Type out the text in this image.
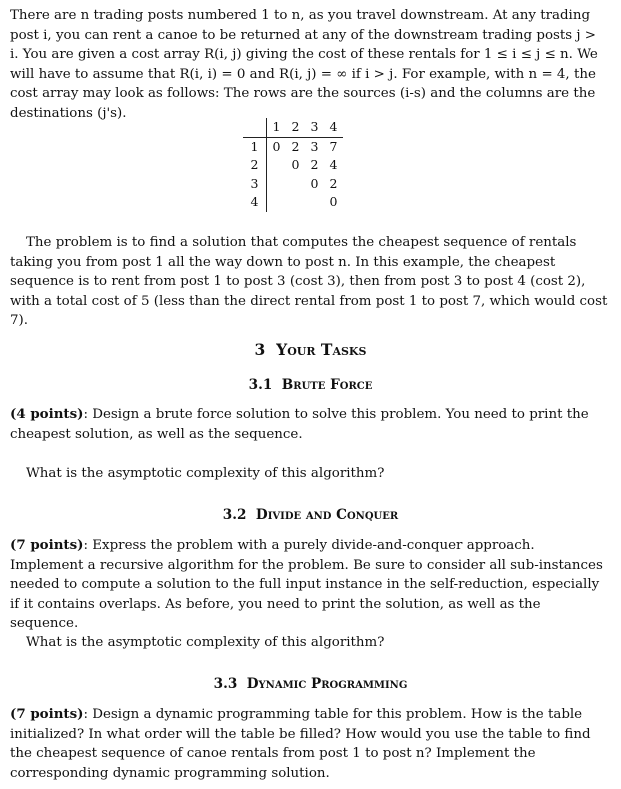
There are n trading posts numbered 1 to n, as you travel downstream. At any trading post i, you can rent a canoe to be returned at any of the downstream trading posts j > i. You are given a cost array R(i, j) giving the cost of these rentals for 1 ≤ i ≤ j ≤ n. We will have to assume that R(i, i) = 0 and R(i, j) = ∞ if i > j. For example, with n = 4, the cost array may look as follows: The rows are the sources (i-s) and the columns are the destinations (j's).

	1	2	3	4
1	0	2	3	7
2		0	2	4
3			0	2
4				0

The problem is to find a solution that computes the cheapest sequence of rentals taking you from post 1 all the way down to post n. In this example, the cheapest sequence is to rent from post 1 to post 3 (cost 3), then from post 3 to post 4 (cost 2), with a total cost of 5 (less than the direct rental from post 1 to post 7, which would cost 7).

3 Your Tasks
3.1 Brute Force

(4 points): Design a brute force solution to solve this problem. You need to print the cheapest solution, as well as the sequence.

What is the asymptotic complexity of this algorithm?

3.2 Divide and Conquer

(7 points): Express the problem with a purely divide-and-conquer approach. Implement a recursive algorithm for the problem. Be sure to consider all sub-instances needed to compute a solution to the full input instance in the self-reduction, especially if it contains overlaps. As before, you need to print the solution, as well as the sequence.

What is the asymptotic complexity of this algorithm?

3.3 Dynamic Programming

(7 points): Design a dynamic programming table for this problem. How is the table initialized? In what order will the table be filled? How would you use the table to find the cheapest sequence of canoe rentals from post 1 to post n? Implement the corresponding dynamic programming solution.
